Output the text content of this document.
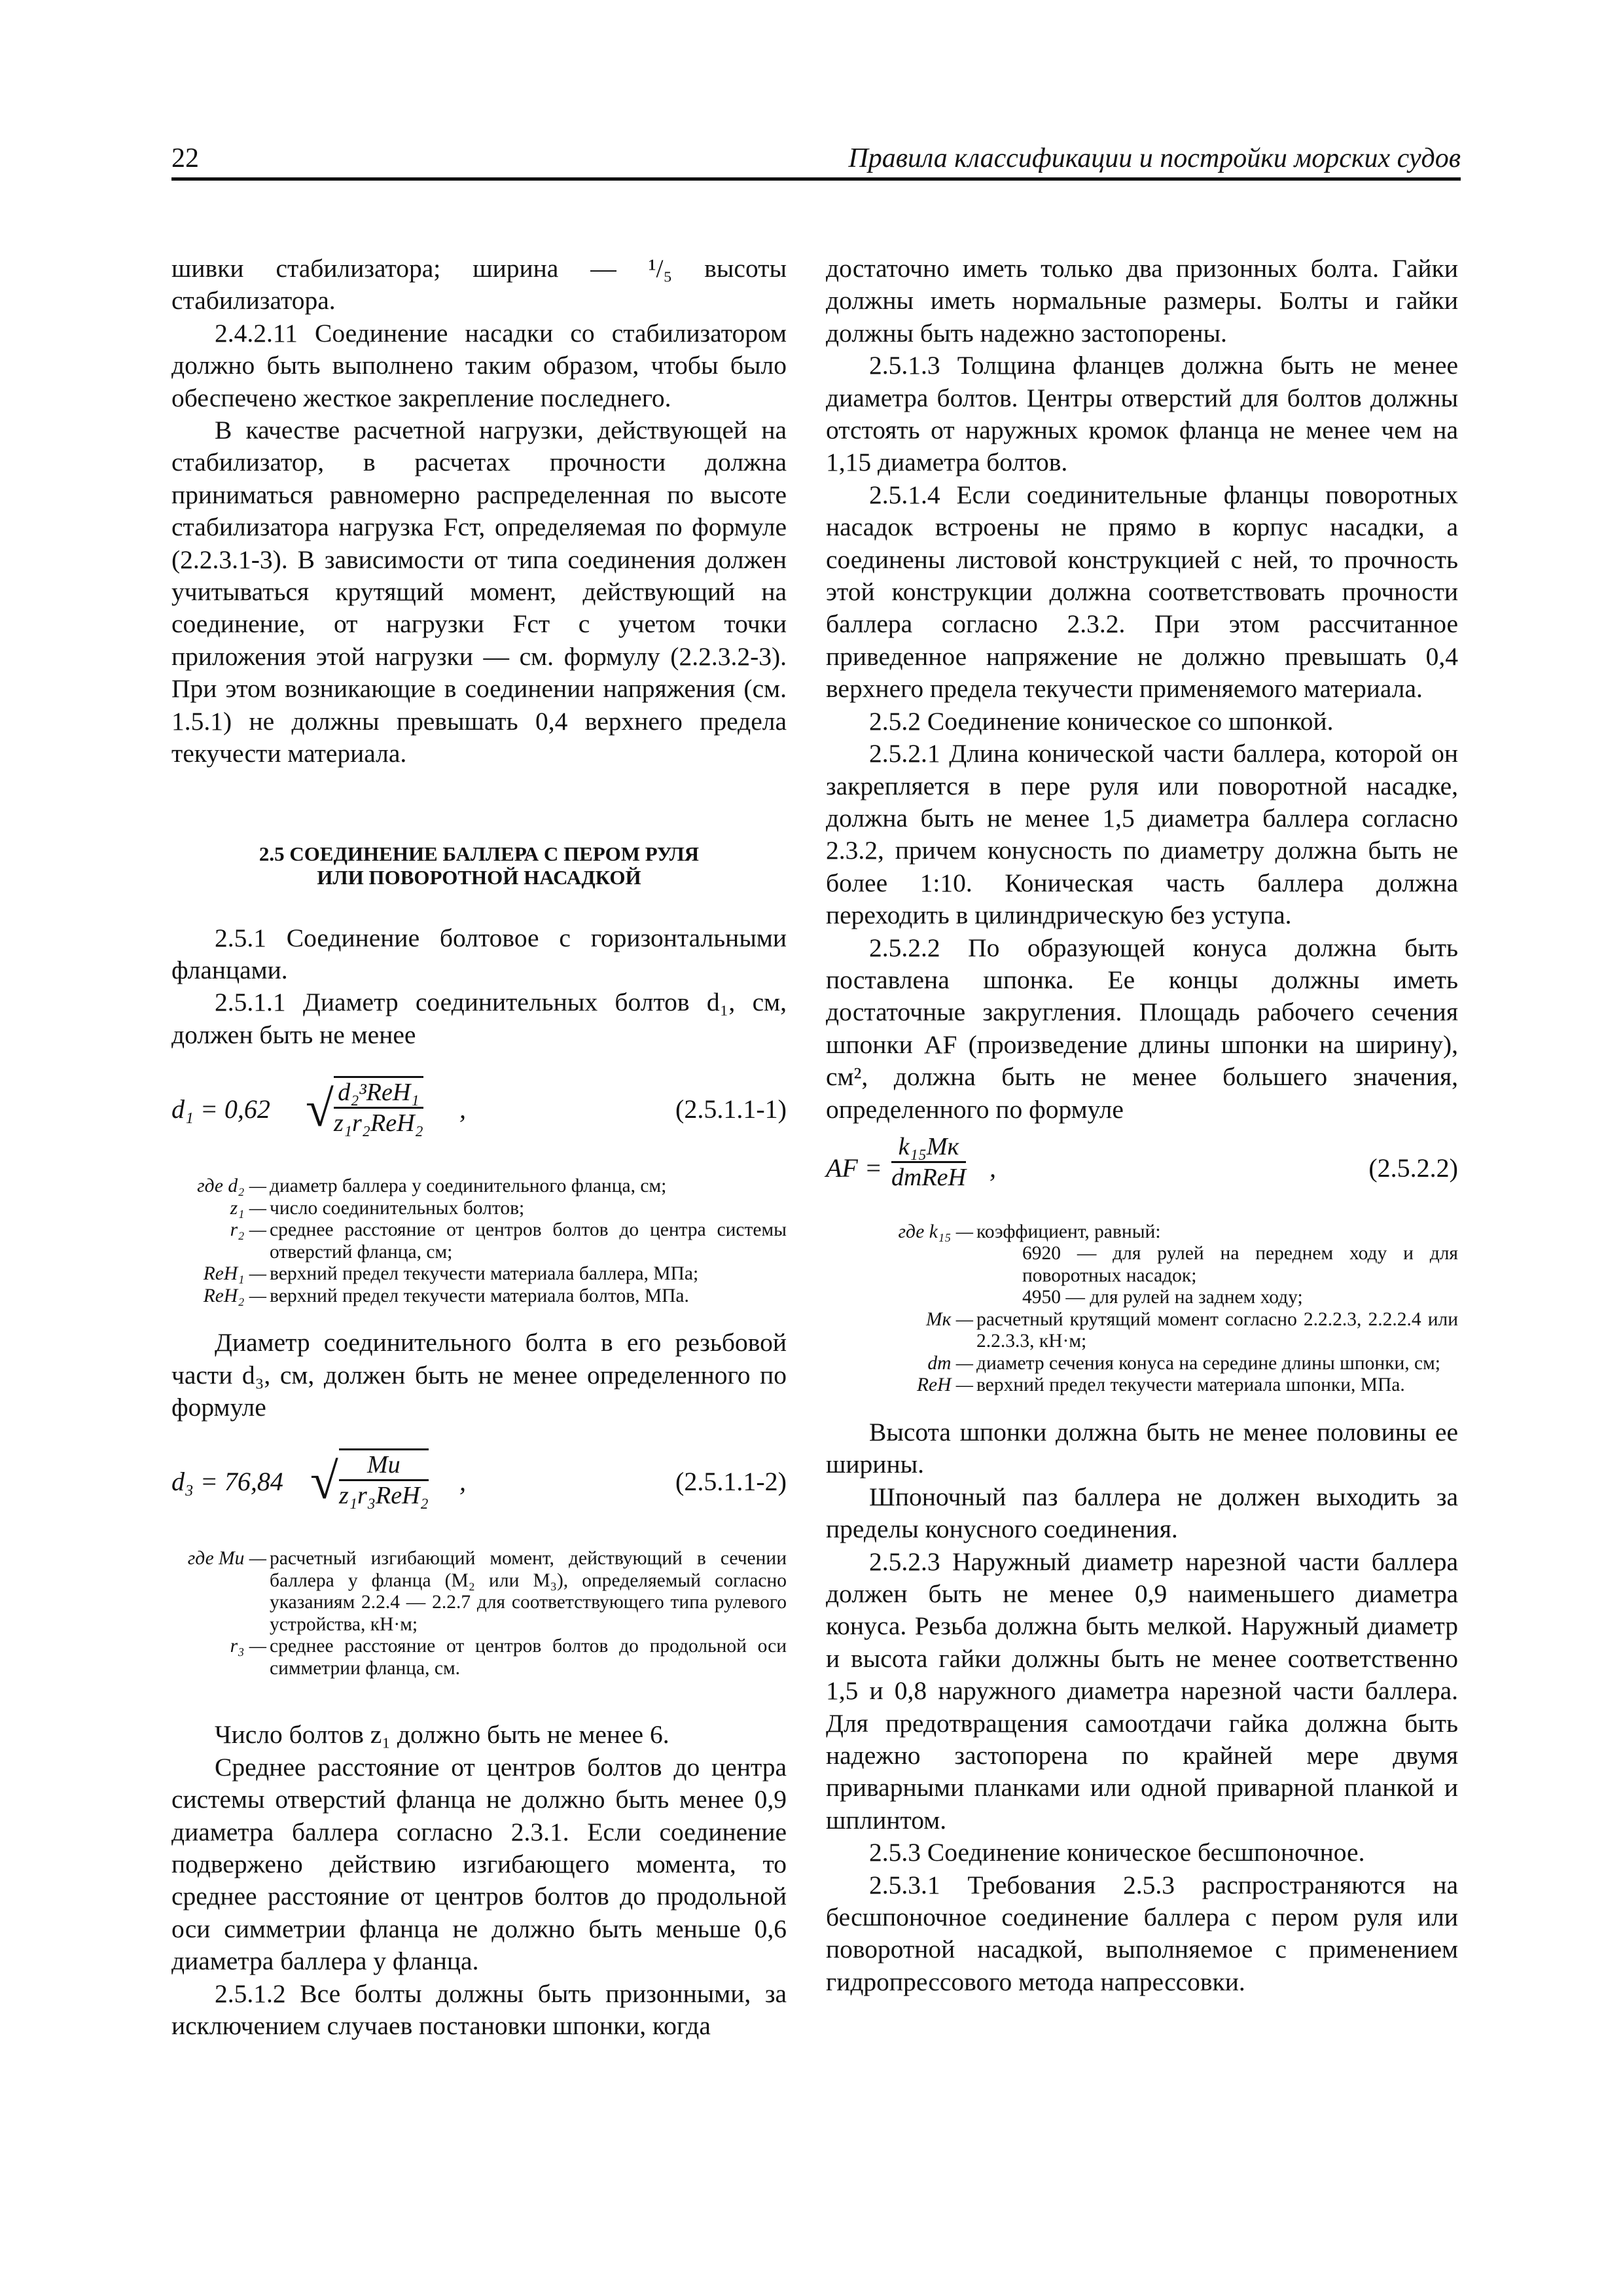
22	Правила классификации и постройки морских судов

шивки стабилизатора; ширина — ¹/₅ высоты стабилизатора.

2.4.2.11 Соединение насадки со стабилизатором должно быть выполнено таким образом, чтобы было обеспечено жесткое закрепление последнего.

В качестве расчетной нагрузки, действующей на стабилизатор, в расчетах прочности должна приниматься равномерно распределенная по высоте стабилизатора нагрузка Fст, определяемая по формуле (2.2.3.1-3). В зависимости от типа соединения должен учитываться крутящий момент, действующий на соединение, от нагрузки Fст с учетом точки приложения этой нагрузки — см. формулу (2.2.3.2-3). При этом возникающие в соединении напряжения (см. 1.5.1) не должны превышать 0,4 верхнего предела текучести материала.

2.5 СОЕДИНЕНИЕ БАЛЛЕРА С ПЕРОМ РУЛЯ
ИЛИ ПОВОРОТНОЙ НАСАДКОЙ

2.5.1 Соединение болтовое с горизонтальными фланцами.

2.5.1.1 Диаметр соединительных болтов d₁, см, должен быть не менее

d₁ = 0,62 √ d₂³ReH₁
z₁r₂ReH₂ ,	(2.5.1.1-1)
где d₂ — диаметр баллера у соединительного фланца, см;
z₁ — число соединительных болтов;
r₂ — среднее расстояние от центров болтов до центра системы отверстий фланца, см;
ReH₁ — верхний предел текучести материала баллера, МПа;
ReH₂ — верхний предел текучести материала болтов, МПа.

Диаметр соединительного болта в его резьбовой части d₃, см, должен быть не менее определенного по формуле

d₃ = 76,84 √	Mи
z₁r₃ReH₂ ,	(2.5.1.1-2)
где Mи — расчетный изгибающий момент, действующий в сечении баллера у фланца (M₂ или M₃), определяемый согласно указаниям 2.2.4 — 2.2.7 для соответствующего типа рулевого устройства, кН·м;
r₃ — среднее расстояние от центров болтов до продольной оси симметрии фланца, см.

Число болтов z₁ должно быть не менее 6.

Среднее расстояние от центров болтов до центра системы отверстий фланца не должно быть менее 0,9 диаметра баллера согласно 2.3.1. Если соединение подвержено действию изгибающего момента, то среднее расстояние от центров болтов до продольной оси симметрии фланца не должно быть меньше 0,6 диаметра баллера у фланца.

2.5.1.2 Все болты должны быть призонными, за исключением случаев постановки шпонки, когда

достаточно иметь только два призонных болта. Гайки должны иметь нормальные размеры. Болты и гайки должны быть надежно застопорены.

2.5.1.3 Толщина фланцев должна быть не менее диаметра болтов. Центры отверстий для болтов должны отстоять от наружных кромок фланца не менее чем на 1,15 диаметра болтов.

2.5.1.4 Если соединительные фланцы поворотных насадок встроены не прямо в корпус насадки, а соединены листовой конструкцией с ней, то прочность этой конструкции должна соответствовать прочности баллера согласно 2.3.2. При этом рассчитанное приведенное напряжение не должно превышать 0,4 верхнего предела текучести применяемого материала.

2.5.2 Соединение коническое со шпонкой.

2.5.2.1 Длина конической части баллера, которой он закрепляется в пере руля или поворотной насадке, должна быть не менее 1,5 диаметра баллера согласно 2.3.2, причем конусность по диаметру должна быть не более 1:10. Коническая часть баллера должна переходить в цилиндрическую без уступа.

2.5.2.2 По образующей конуса должна быть поставлена шпонка. Ее концы должны иметь достаточные закругления. Площадь рабочего сечения шпонки AF (произведение длины шпонки на ширину), см², должна быть не менее большего значения, определенного по формуле

AF =
k₁₅Mк
dmReH ,	(2.5.2.2)
где k₁₅ — коэффициент, равный:
6920 — для рулей на переднем ходу и для поворотных насадок;
4950 — для рулей на заднем ходу;
Mк — расчетный крутящий момент согласно 2.2.2.3, 2.2.2.4 или 2.2.3.3, кН·м;
dm — диаметр сечения конуса на середине длины шпонки, см;
ReH — верхний предел текучести материала шпонки, МПа.

Высота шпонки должна быть не менее половины ее ширины.

Шпоночный паз баллера не должен выходить за пределы конусного соединения.

2.5.2.3 Наружный диаметр нарезной части баллера должен быть не менее 0,9 наименьшего диаметра конуса. Резьба должна быть мелкой. Наружный диаметр и высота гайки должны быть не менее соответственно 1,5 и 0,8 наружного диаметра нарезной части баллера. Для предотвращения самоотдачи гайка должна быть надежно застопорена по крайней мере двумя приварными планками или одной приварной планкой и шплинтом.

2.5.3 Соединение коническое бесшпоночное.

2.5.3.1 Требования 2.5.3 распространяются на бесшпоночное соединение баллера с пером руля или поворотной насадкой, выполняемое с применением гидропрессового метода напрессовки.
